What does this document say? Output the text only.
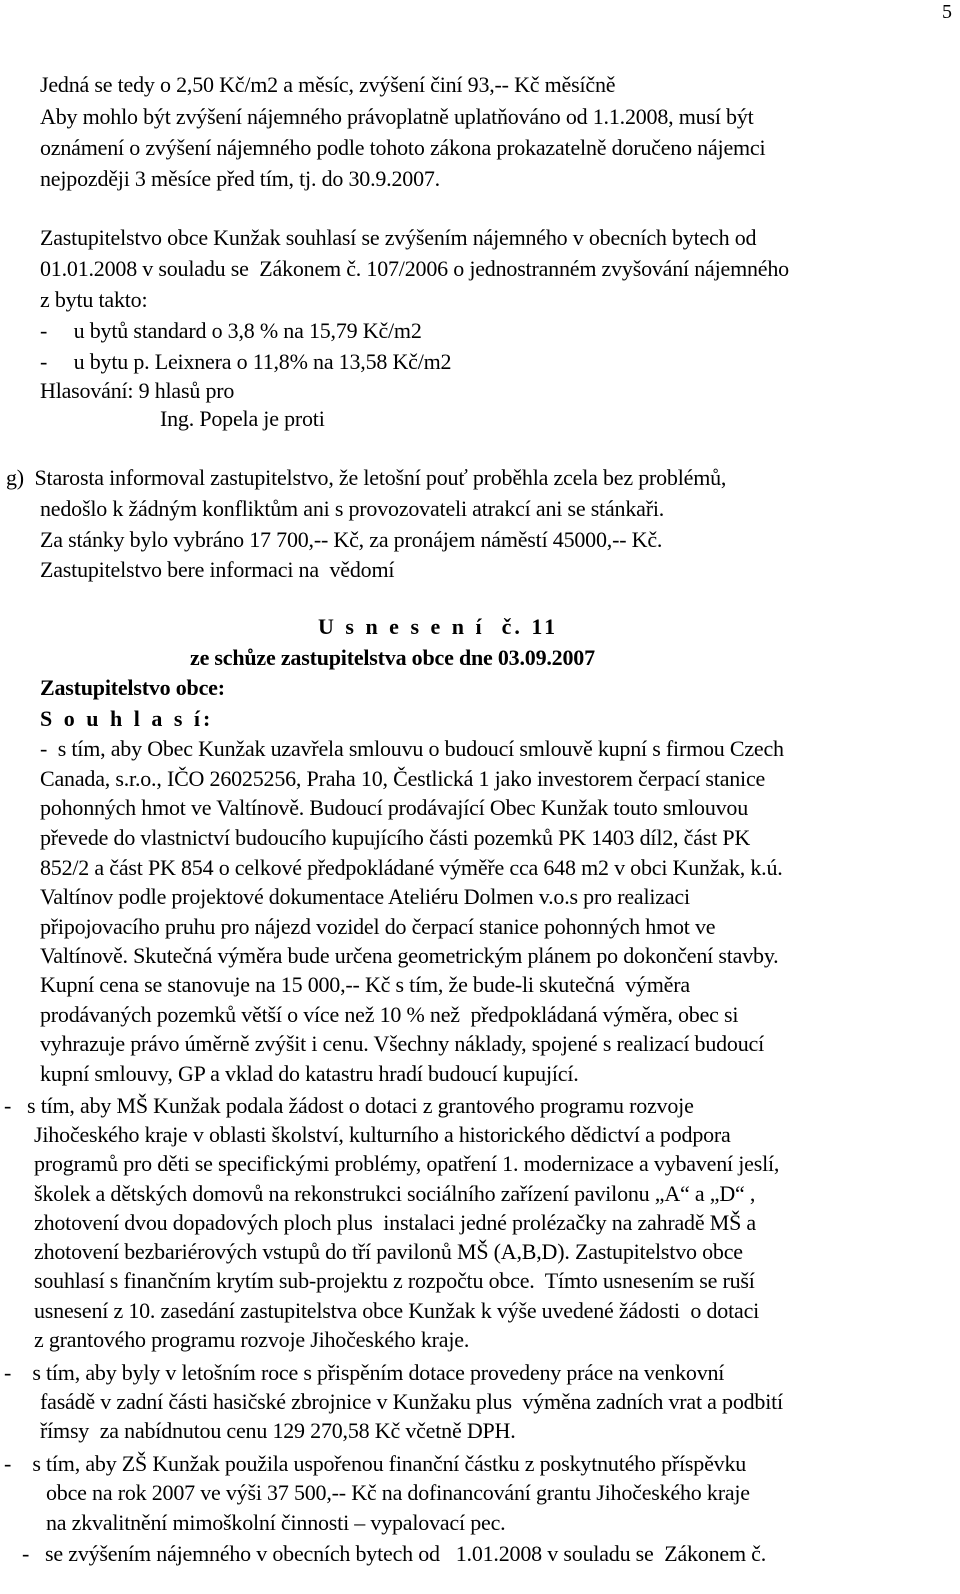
5
Jedná se tedy o 2,50 Kč/m2 a měsíc, zvýšení činí 93,-- Kč měsíčně
Aby mohlo být zvýšení nájemného právoplatně uplatňováno od 1.1.2008, musí být
oznámení o zvýšení nájemného podle tohoto zákona prokazatelně doručeno nájemci
nejpozději 3 měsíce před tím, tj. do 30.9.2007.
Zastupitelstvo obce Kunžak souhlasí se zvýšením nájemného v obecních bytech od
01.01.2008 v souladu se  Zákonem č. 107/2006 o jednostranném zvyšování nájemného
z bytu takto:
-     u bytů standard o 3,8 % na 15,79 Kč/m2
-     u bytu p. Leixnera o 11,8% na 13,58 Kč/m2
Hlasování: 9 hlasů pro
Ing. Popela je proti
g)  Starosta informoval zastupitelstvo, že letošní pouť proběhla zcela bez problémů,
nedošlo k žádným konfliktům ani s provozovateli atrakcí ani se stánkaři.
Za stánky bylo vybráno 17 700,-- Kč, za pronájem náměstí 45000,-- Kč.
Zastupitelstvo bere informaci na  vědomí
U s n e s e n í  č. 11
ze schůze zastupitelstva obce dne 03.09.2007
Zastupitelstvo obce:
S o u h l a s í:
-  s tím, aby Obec Kunžak uzavřela smlouvu o budoucí smlouvě kupní s firmou Czech
Canada, s.r.o., IČO 26025256, Praha 10, Čestlická 1 jako investorem čerpací stanice
pohonných hmot ve Valtínově. Budoucí prodávající Obec Kunžak touto smlouvou
převede do vlastnictví budoucího kupujícího části pozemků PK 1403 díl2, část PK
852/2 a část PK 854 o celkové předpokládané výměře cca 648 m2 v obci Kunžak, k.ú.
Valtínov podle projektové dokumentace Ateliéru Dolmen v.o.s pro realizaci
připojovacího pruhu pro nájezd vozidel do čerpací stanice pohonných hmot ve
Valtínově. Skutečná výměra bude určena geometrickým plánem po dokončení stavby.
Kupní cena se stanovuje na 15 000,-- Kč s tím, že bude-li skutečná  výměra
prodávaných pozemků větší o více než 10 % než  předpokládaná výměra, obec si
vyhrazuje právo úměrně zvýšit i cenu. Všechny náklady, spojené s realizací budoucí
kupní smlouvy, GP a vklad do katastru hradí budoucí kupující.
-   s tím, aby MŠ Kunžak podala žádost o dotaci z grantového programu rozvoje
Jihočeského kraje v oblasti školství, kulturního a historického dědictví a podpora
programů pro děti se specifickými problémy, opatření 1. modernizace a vybavení jeslí,
školek a dětských domovů na rekonstrukci sociálního zařízení pavilonu „A“ a „D“ ,
zhotovení dvou dopadových ploch plus  instalaci jedné prolézačky na zahradě MŠ a
zhotovení bezbariérových vstupů do tří pavilonů MŠ (A,B,D). Zastupitelstvo obce
souhlasí s finančním krytím sub-projektu z rozpočtu obce.  Tímto usnesením se ruší
usnesení z 10. zasedání zastupitelstva obce Kunžak k výše uvedené žádosti  o dotaci
z grantového programu rozvoje Jihočeského kraje.
-    s tím, aby byly v letošním roce s přispěním dotace provedeny práce na venkovní
fasádě v zadní části hasičské zbrojnice v Kunžaku plus  výměna zadních vrat a podbití
římsy  za nabídnutou cenu 129 270,58 Kč včetně DPH.
-    s tím, aby ZŠ Kunžak použila uspořenou finanční částku z poskytnutého příspěvku
obce na rok 2007 ve výši 37 500,-- Kč na dofinancování grantu Jihočeského kraje
na zkvalitnění mimoškolní činnosti – vypalovací pec.
-   se zvýšením nájemného v obecních bytech od   1.01.2008 v souladu se  Zákonem č.
